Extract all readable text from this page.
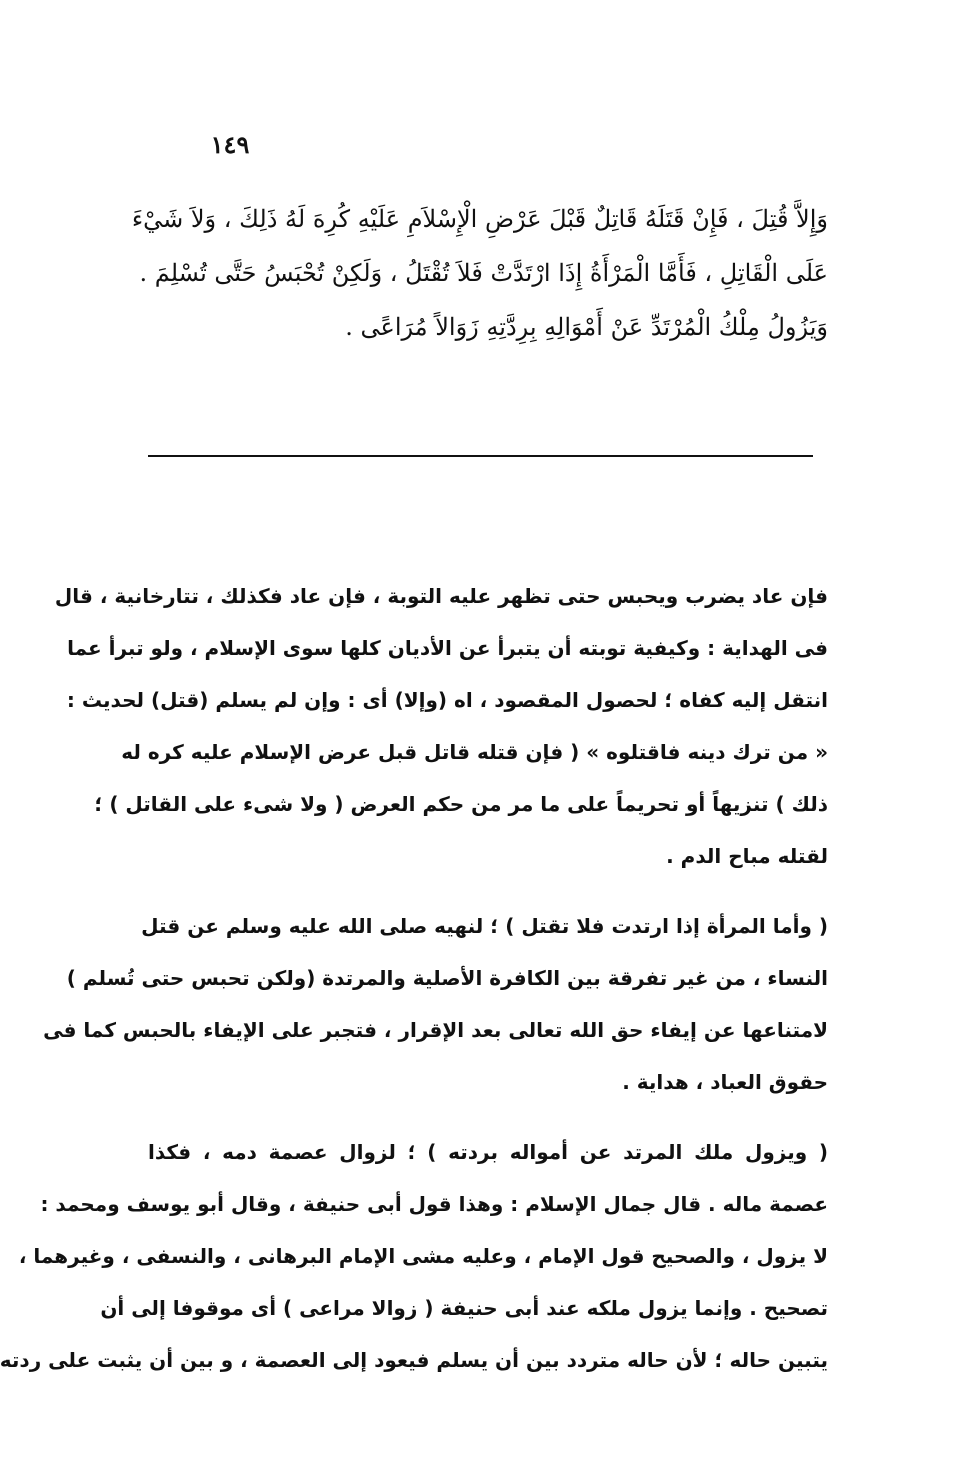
١٤٩
وَإِلاَّ قُتِلَ ، فَإِنْ قَتَلَهُ قَاتِلٌ قَبْلَ عَرْضِ الْإِسْلاَمِ عَلَيْهِ كُرِهَ لَهُ ذَلِكَ ، وَلاَ شَيْءَ
عَلَى الْقَاتِلِ ، فَأَمَّا الْمَرْأَةُ إِذَا ارْتَدَّتْ فَلاَ تُقْتَلُ ، وَلَكِنْ تُحْبَسُ حَتَّى تُسْلِمَ .
وَيَزُولُ مِلْكُ الْمُرْتَدِّ عَنْ أَمْوَالِهِ بِرِدَّتِهِ زَوَالاً مُرَاعًى .
فإن عاد يضرب ويحبس حتى تظهر عليه التوبة ، فإن عاد فكذلك ، تتارخانية ، قال
فى الهداية : وكيفية توبته أن يتبرأ عن الأديان كلها سوى الإسلام ، ولو تبرأ عما
انتقل إليه كفاه ؛ لحصول المقصود ، اه (وإلا) أى : وإن لم يسلم (قتل) لحديث :
« من ترك دينه فاقتلوه » ( فإن قتله قاتل قبل عرض الإسلام عليه كره له
ذلك ) تنزيهاً أو تحريماً على ما مر من حكم العرض ( ولا شىء على القاتل ) ؛
لقتله مباح الدم .
( وأما المرأة إذا ارتدت فلا تقتل ) ؛ لنهيه صلى الله عليه وسلم عن قتل
النساء ، من غير تفرقة بين الكافرة الأصلية والمرتدة (ولكن تحبس حتى تُسلم )
لامتناعها عن إيفاء حق الله تعالى بعد الإقرار ، فتجبر على الإيفاء بالحبس كما فى
حقوق العباد ، هداية .
( ويزول ملك المرتد عن أمواله بردته ) ؛ لزوال عصمة دمه ، فكذا
عصمة ماله . قال جمال الإسلام : وهذا قول أبى حنيفة ، وقال أبو يوسف ومحمد :
لا يزول ، والصحيح قول الإمام ، وعليه مشى الإمام البرهانى ، والنسفى ، وغيرهما ،
تصحيح . وإنما يزول ملكه عند أبى حنيفة ( زوالا مراعى ) أى موقوفا إلى أن
يتبين حاله ؛ لأن حاله متردد بين أن يسلم فيعود إلى العصمة ، و بين أن يثبت على ردته
